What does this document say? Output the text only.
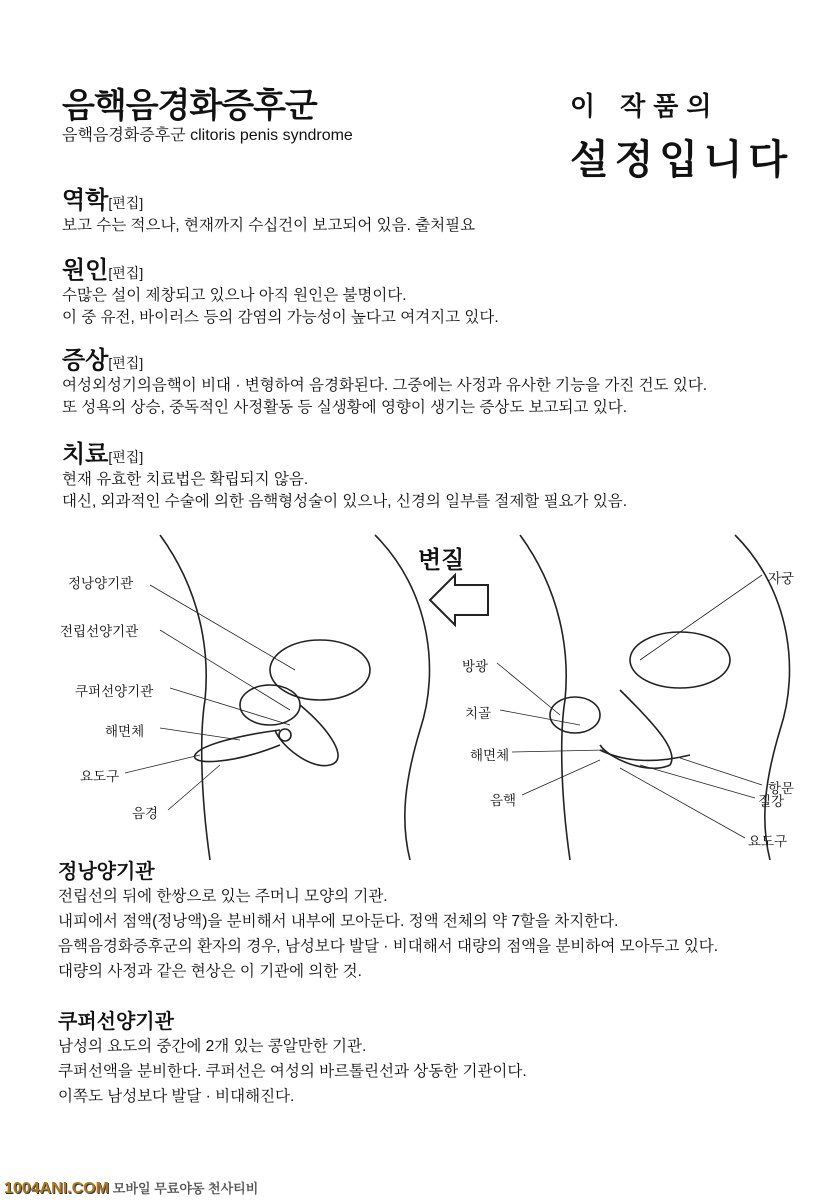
음핵음경화증후군
음핵음경화증후군 clitoris penis syndrome
이 작품의
설정입니다
역학[편집]
보고 수는 적으나, 현재까지 수십건이 보고되어 있음. 출처필요
원인[편집]
수많은 설이 제창되고 있으나 아직 원인은 불명이다.
이 중 유전, 바이러스 등의 감염의 가능성이 높다고 여겨지고 있다.
증상[편집]
여성외성기의음핵이 비대 · 변형하여 음경화된다. 그중에는 사정과 유사한 기능을 가진 건도 있다.
또 성욕의 상승, 중독적인 사정활동 등 실생황에 영향이 생기는 증상도 보고되고 있다.
치료[편집]
현재 유효한 치료법은 확립되지 않음.
대신, 외과적인 수술에 의한 음핵형성술이 있으나, 신경의 일부를 절제할 필요가 있음.
변질
정낭양기관
전립선양기관
쿠퍼선양기관
해면체
요도구
음경
자궁
방광
치골
해면체
음핵
항문
질강
요도구
정낭양기관
전립선의 뒤에 한쌍으로 있는 주머니 모양의 기관.
내피에서 점액(정낭액)을 분비해서 내부에 모아둔다. 정액 전체의 약 7할을 차지한다.
음핵음경화증후군의 환자의 경우, 남성보다 발달 · 비대해서 대량의 점액을 분비하여 모아두고 있다.
대량의 사정과 같은 현상은 이 기관에 의한 것.
쿠퍼선양기관
남성의 요도의 중간에 2개 있는 콩알만한 기관.
쿠퍼선액을 분비한다. 쿠퍼선은 여성의 바르톨린선과 상동한 기관이다.
이쪽도 남성보다 발달 · 비대해진다.
1004ANI.COM 모바일 무료야동 천사티비
